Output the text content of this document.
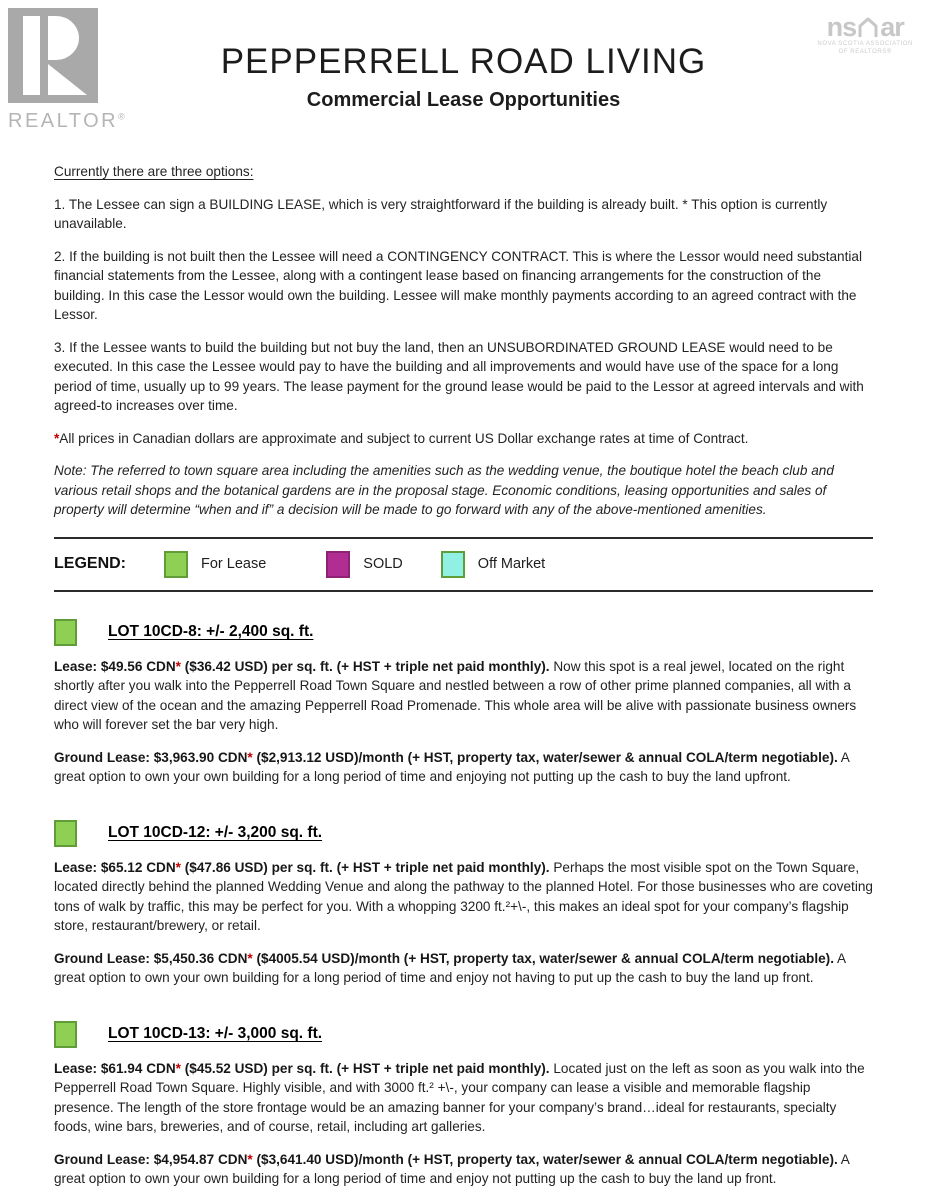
REALTOR®
PEPPERRELL ROAD LIVING
Commercial Lease Opportunities
ns ar
NOVA SCOTIA ASSOCIATION
OF REALTORS®

Currently there are three options:

1. The Lessee can sign a BUILDING LEASE, which is very straightforward if the building is already built. * This option is currently unavailable.

2. If the building is not built then the Lessee will need a CONTINGENCY CONTRACT. This is where the Lessor would need substantial financial statements from the Lessee, along with a contingent lease based on financing arrangements for the construction of the building. In this case the Lessor would own the building. Lessee will make monthly payments according to an agreed contract with the Lessor.

3. If the Lessee wants to build the building but not buy the land, then an UNSUBORDINATED GROUND LEASE would need to be executed. In this case the Lessee would pay to have the building and all improvements and would have use of the space for a long period of time, usually up to 99 years. The lease payment for the ground lease would be paid to the Lessor at agreed intervals and with agreed-to increases over time.

*All prices in Canadian dollars are approximate and subject to current US Dollar exchange rates at time of Contract.

Note: The referred to town square area including the amenities such as the wedding venue, the boutique hotel the beach club and various retail shops and the botanical gardens are in the proposal stage. Economic conditions, leasing opportunities and sales of property will determine “when and if” a decision will be made to go forward with any of the above-mentioned amenities.

LEGEND:	For Lease	SOLD	Off Market
LOT 10CD-8: +/- 2,400 sq. ft.

Lease: $49.56 CDN* ($36.42 USD) per sq. ft. (+ HST + triple net paid monthly). Now this spot is a real jewel, located on the right shortly after you walk into the Pepperrell Road Town Square and nestled between a row of other prime planned companies, all with a direct view of the ocean and the amazing Pepperrell Road Promenade. This whole area will be alive with passionate business owners who will forever set the bar very high.

Ground Lease: $3,963.90 CDN* ($2,913.12 USD)/month (+ HST, property tax, water/sewer & annual COLA/term negotiable). A great option to own your own building for a long period of time and enjoying not putting up the cash to buy the land upfront.

LOT 10CD-12: +/- 3,200 sq. ft.

Lease: $65.12 CDN* ($47.86 USD) per sq. ft. (+ HST + triple net paid monthly). Perhaps the most visible spot on the Town Square, located directly behind the planned Wedding Venue and along the pathway to the planned Hotel. For those businesses who are coveting tons of walk by traffic, this may be perfect for you. With a whopping 3200 ft.²+\-, this makes an ideal spot for your company’s flagship store, restaurant/brewery, or retail.

Ground Lease: $5,450.36 CDN* ($4005.54 USD)/month (+ HST, property tax, water/sewer & annual COLA/term negotiable). A great option to own your own building for a long period of time and enjoy not having to put up the cash to buy the land up front.

LOT 10CD-13: +/- 3,000 sq. ft.

Lease: $61.94 CDN* ($45.52 USD) per sq. ft. (+ HST + triple net paid monthly). Located just on the left as soon as you walk into the Pepperrell Road Town Square. Highly visible, and with 3000 ft.² +\-, your company can lease a visible and memorable flagship presence. The length of the store frontage would be an amazing banner for your company’s brand…ideal for restaurants, specialty foods, wine bars, breweries, and of course, retail, including art galleries.

Ground Lease: $4,954.87 CDN* ($3,641.40 USD)/month (+ HST, property tax, water/sewer & annual COLA/term negotiable). A great option to own your own building for a long period of time and enjoy not putting up the cash to buy the land up front.
